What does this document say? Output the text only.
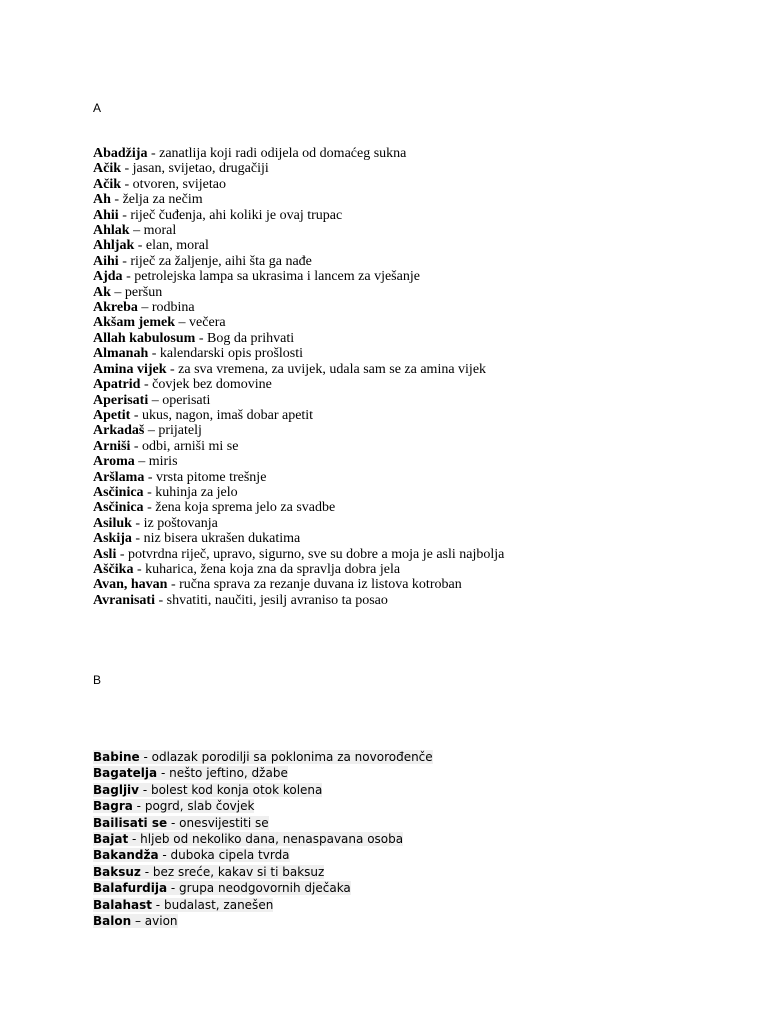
A
Abadžija - zanatlija koji radi odijela od domaćeg sukna
Ačik - jasan, svijetao, drugačiji
Ačik - otvoren, svijetao
Ah - želja za nečim
Ahii - riječ čuđenja, ahi koliki je ovaj trupac
Ahlak – moral
Ahljak - elan, moral
Aihi - riječ za žaljenje, aihi šta ga nađe
Ajda - petrolejska lampa sa ukrasima i lancem za vješanje
Ak – peršun
Akreba – rodbina
Akšam jemek – večera
Allah kabulosum - Bog da prihvati
Almanah - kalendarski opis prošlosti
Amina vijek - za sva vremena, za uvijek, udala sam se za amina vijek
Apatrid - čovjek bez domovine
Aperisati – operisati
Apetit - ukus, nagon, imaš dobar apetit
Arkadaš – prijatelj
Arniši - odbi, arniši mi se
Aroma – miris
Aršlama - vrsta pitome trešnje
Asčinica - kuhinja za jelo
Asčinica - žena koja sprema jelo za svadbe
Asiluk - iz poštovanja
Askija - niz bisera ukrašen dukatima
Asli - potvrdna riječ, upravo, sigurno, sve su dobre a moja je asli najbolja
Aščika - kuharica, žena koja zna da spravlja dobra jela
Avan, havan - ručna sprava za rezanje duvana iz listova kotroban
Avranisati - shvatiti, naučiti, jesilj avraniso ta posao
B
Babine - odlazak porodilji sa poklonima za novorođenče
Bagatelja - nešto jeftino, džabe
Bagljiv - bolest kod konja otok kolena
Bagra - pogrd, slab čovjek
Bailisati se - onesvijestiti se
Bajat - hljeb od nekoliko dana, nenaspavana osoba
Bakandža - duboka cipela tvrda
Baksuz - bez sreće, kakav si ti baksuz
Balafurdija - grupa neodgovornih dječaka
Balahast - budalast, zanešen
Balon – avion
